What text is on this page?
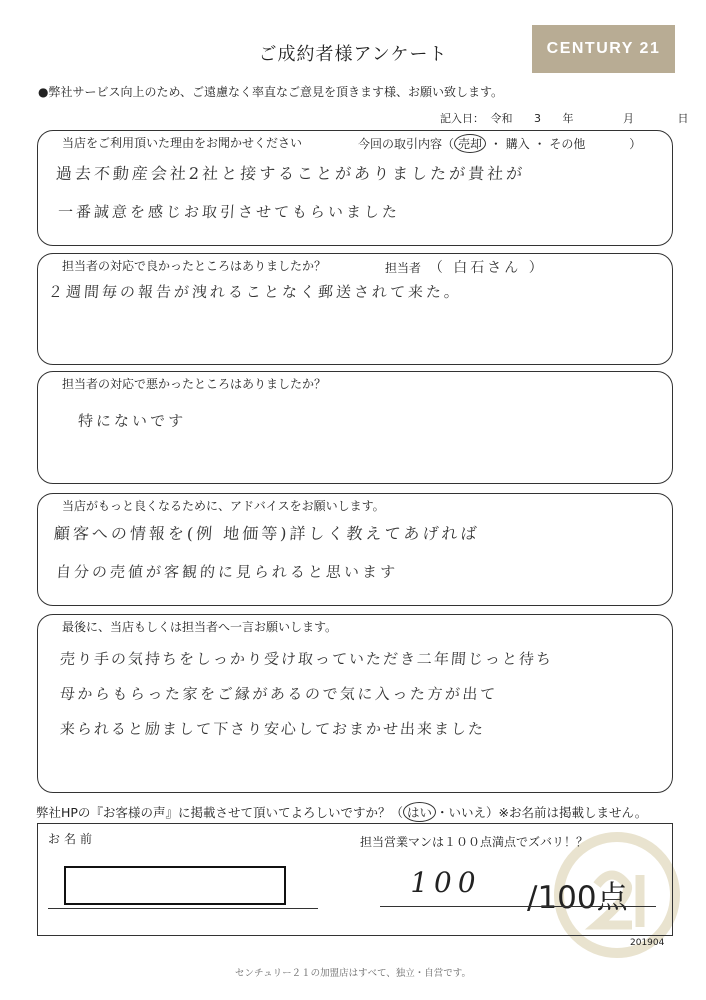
ご成約者様アンケート	CENTURY 21
●弊社サービス向上のため、ご遠慮なく率直なご意見を頂きます様、お願い致します。
記入日： 令和 3 年	月	日
当店をご利用頂いた理由をお聞かせください	今回の取引内容（ 売却 ・ 購入 ・ その他	）
過去不動産会社2社と接することがありましたが貴社が
一番誠意を感じお取引させてもらいました
担当者の対応で良かったところはありましたか？	担当者 （ 白石さん ）
２週間毎の報告が洩れることなく郵送されて来た。
担当者の対応で悪かったところはありましたか？
特にないです
当店がもっと良くなるために、アドバイスをお願いします。
顧客への情報を(例 地価等)詳しく教えてあげれば
自分の売値が客観的に見られると思います
最後に、当店もしくは担当者へ一言お願いします。
売り手の気持ちをしっかり受け取っていただき二年間じっと待ち
母からもらった家をご縁があるので気に入った方が出て
来られると励まして下さり安心しておまかせ出来ました
弊社HPの『お客様の声』に掲載させて頂いてよろしいですか？（ はい ・いいえ）※お名前は掲載しません。
お名前	担当営業マンは１００点満点でズバリ！？
100 /100点
201904
センチュリー２１の加盟店はすべて、独立・自営です。
